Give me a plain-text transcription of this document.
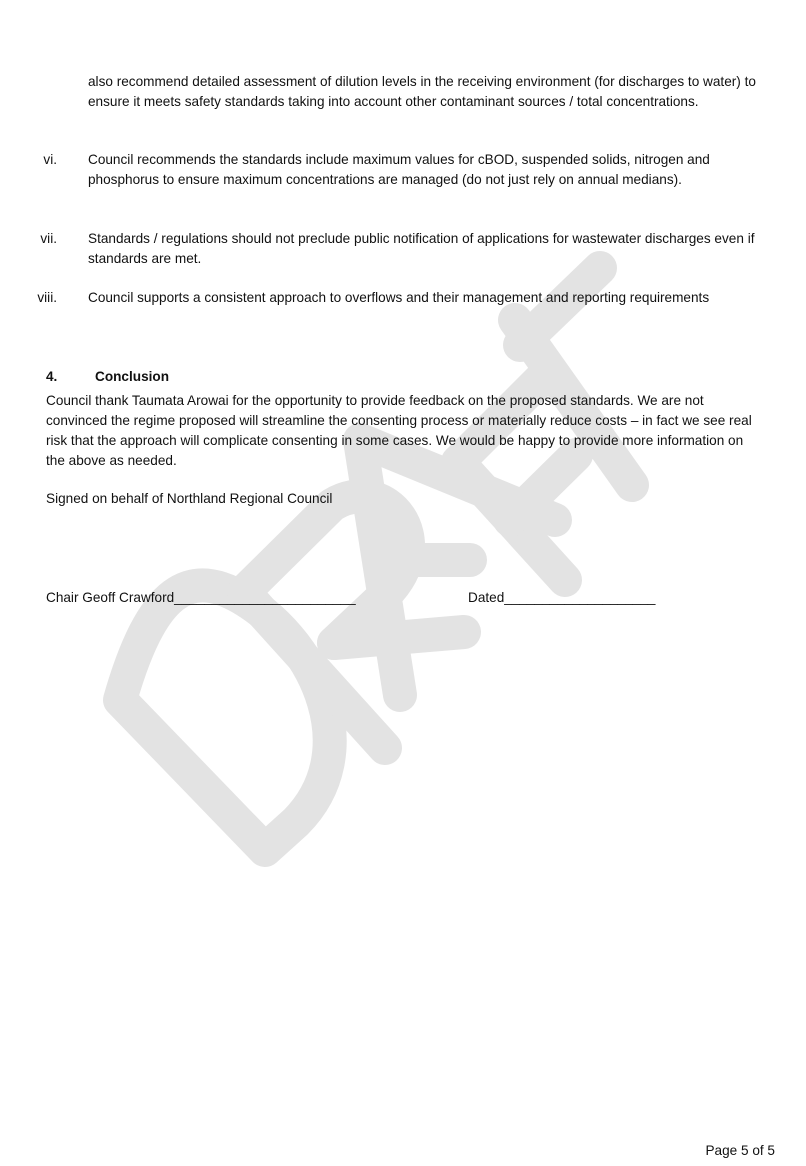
also recommend detailed assessment of dilution levels in the receiving environment (for discharges to water) to ensure it meets safety standards taking into account other contaminant sources / total concentrations.

vi. Council recommends the standards include maximum values for cBOD, suspended solids, nitrogen and phosphorus to ensure maximum concentrations are managed (do not just rely on annual medians).
vii. Standards / regulations should not preclude public notification of applications for wastewater discharges even if standards are met.
viii. Council supports a consistent approach to overflows and their management and reporting requirements
4.	Conclusion

Council thank Taumata Arowai for the opportunity to provide feedback on the proposed standards. We are not convinced the regime proposed will streamline the consenting process or materially reduce costs – in fact we see real risk that the approach will complicate consenting in some cases. We would be happy to provide more information on the above as needed.

Signed on behalf of Northland Regional Council
Chair Geoff Crawford________________________	Dated____________________
Page 5 of 5
